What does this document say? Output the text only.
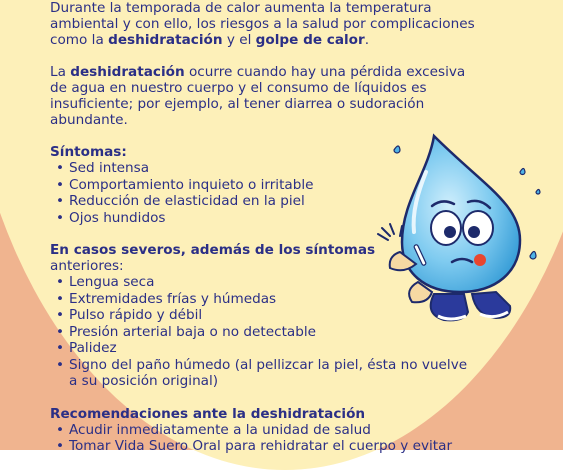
Durante la temporada de calor aumenta la temperatura
ambiental y con ello, los riesgos a la salud por complicaciones
como la deshidratación y el golpe de calor.

La deshidratación ocurre cuando hay una pérdida excesiva
de agua en nuestro cuerpo y el consumo de líquidos es
insuficiente; por ejemplo, al tener diarrea o sudoración
abundante.

Síntomas:
• Sed intensa
• Comportamiento inquieto o irritable
• Reducción de elasticidad en la piel
• Ojos hundidos
En casos severos, además de los síntomas

anteriores:

• Lengua seca
• Extremidades frías y húmedas
• Pulso rápido y débil
• Presión arterial baja o no detectable
• Palidez
• Signo del paño húmedo (al pellizcar la piel, ésta no vuelve
a su posición original)
Recomendaciones ante la deshidratación
• Acudir inmediatamente a la unidad de salud
• Tomar Vida Suero Oral para rehidratar el cuerpo y evitar
